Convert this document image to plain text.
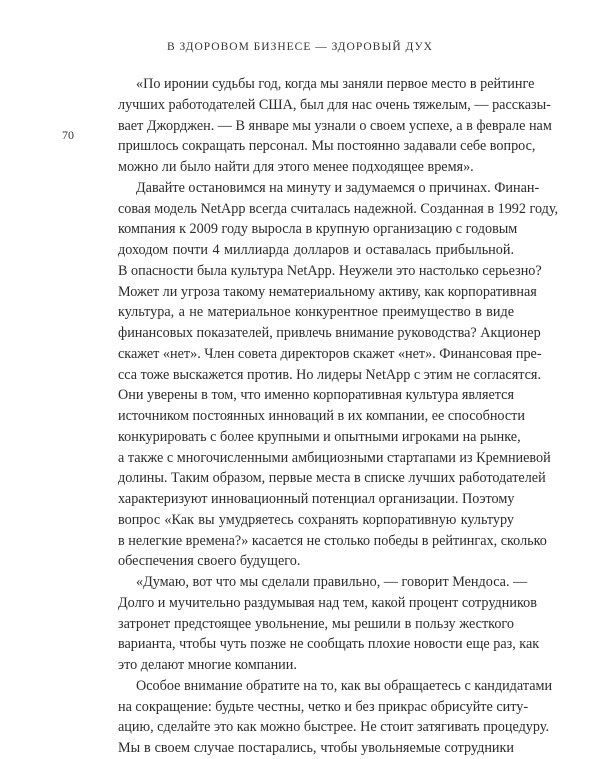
В ЗДОРОВОМ БИЗНЕСЕ — ЗДОРОВЫЙ ДУХ
70
«По иронии судьбы год, когда мы заняли первое место в рейтинге
лучших работодателей США, был для нас очень тяжелым, — рассказы-
вает Джорджен. — В январе мы узнали о своем успехе, а в феврале нам
пришлось сокращать персонал. Мы постоянно задавали себе вопрос,
можно ли было найти для этого менее подходящее время».
Давайте остановимся на минуту и задумаемся о причинах. Финан-
совая модель NetApp всегда считалась надежной. Созданная в 1992 году,
компания к 2009 году выросла в крупную организацию с годовым
доходом почти 4 миллиарда долларов и оставалась прибыльной.
В опасности была культура NetApp. Неужели это настолько серьезно?
Может ли угроза такому нематериальному активу, как корпоративная
культура, а не материальное конкурентное преимущество в виде
финансовых показателей, привлечь внимание руководства? Акционер
скажет «нет». Член совета директоров скажет «нет». Финансовая пре-
сса тоже выскажется против. Но лидеры NetApp с этим не согласятся.
Они уверены в том, что именно корпоративная культура является
источником постоянных инноваций в их компании, ее способности
конкурировать с более крупными и опытными игроками на рынке,
а также с многочисленными амбициозными стартапами из Кремниевой
долины. Таким образом, первые места в списке лучших работодателей
характеризуют инновационный потенциал организации. Поэтому
вопрос «Как вы умудряетесь сохранять корпоративную культуру
в нелегкие времена?» касается не столько победы в рейтингах, сколько
обеспечения своего будущего.
«Думаю, вот что мы сделали правильно, — говорит Мендоса. —
Долго и мучительно раздумывая над тем, какой процент сотрудников
затронет предстоящее увольнение, мы решили в пользу жесткого
варианта, чтобы чуть позже не сообщать плохие новости еще раз, как
это делают многие компании.
Особое внимание обратите на то, как вы обращаетесь с кандидатами
на сокращение: будьте честны, четко и без прикрас обрисуйте ситу-
ацию, сделайте это как можно быстрее. Не стоит затягивать процедуру.
Мы в своем случае постарались, чтобы увольняемые сотрудники
